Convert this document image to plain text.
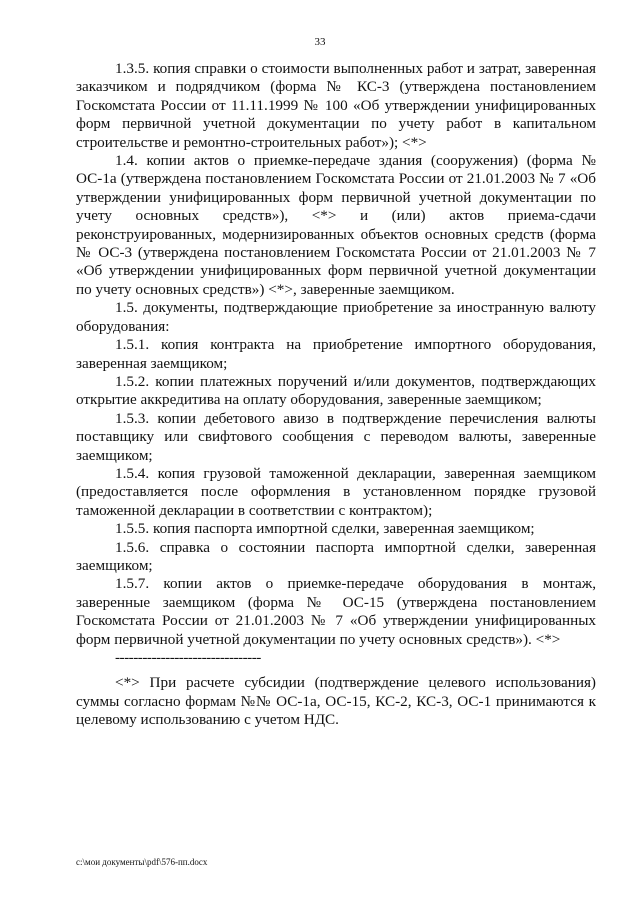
33

1.3.5. копия справки о стоимости выполненных работ и затрат, заверенная заказчиком и подрядчиком (форма № КС-3 (утверждена постановлением Госкомстата России от 11.11.1999 № 100 «Об утверждении унифицированных форм первичной учетной документации по учету работ в капитальном строительстве и ремонтно-строительных работ»); <*>

1.4. копии актов о приемке-передаче здания (сооружения) (форма № ОС-1а (утверждена постановлением Госкомстата России от 21.01.2003 № 7 «Об утверждении унифицированных форм первичной учетной документации по учету основных средств»), <*> и (или) актов приема-сдачи реконструированных, модернизированных объектов основных средств (форма № ОС-3 (утверждена постановлением Госкомстата России от 21.01.2003 № 7 «Об утверждении унифицированных форм первичной учетной документации по учету основных средств») <*>, заверенные заемщиком.

1.5. документы, подтверждающие приобретение за иностранную валюту оборудования:

1.5.1. копия контракта на приобретение импортного оборудования, заверенная заемщиком;

1.5.2. копии платежных поручений и/или документов, подтверждающих открытие аккредитива на оплату оборудования, заверенные заемщиком;

1.5.3. копии дебетового авизо в подтверждение перечисления валюты поставщику или свифтового сообщения с переводом валюты, заверенные заемщиком;

1.5.4. копия грузовой таможенной декларации, заверенная заемщиком (предоставляется после оформления в установленном порядке грузовой таможенной декларации в соответствии с контрактом);

1.5.5. копия паспорта импортной сделки, заверенная заемщиком;

1.5.6. справка о состоянии паспорта импортной сделки, заверенная заемщиком;

1.5.7. копии актов о приемке-передаче оборудования в монтаж, заверенные заемщиком (форма № ОС-15 (утверждена постановлением Госкомстата России от 21.01.2003 № 7 «Об утверждении унифицированных форм первичной учетной документации по учету основных средств»). <*>

--------------------------------

<*> При расчете субсидии (подтверждение целевого использования) суммы согласно формам №№ ОС-1а, ОС-15, КС-2, КС-3, ОС-1 принимаются к целевому использованию с учетом НДС.

c:\мои документы\pdf\576-пп.docx
